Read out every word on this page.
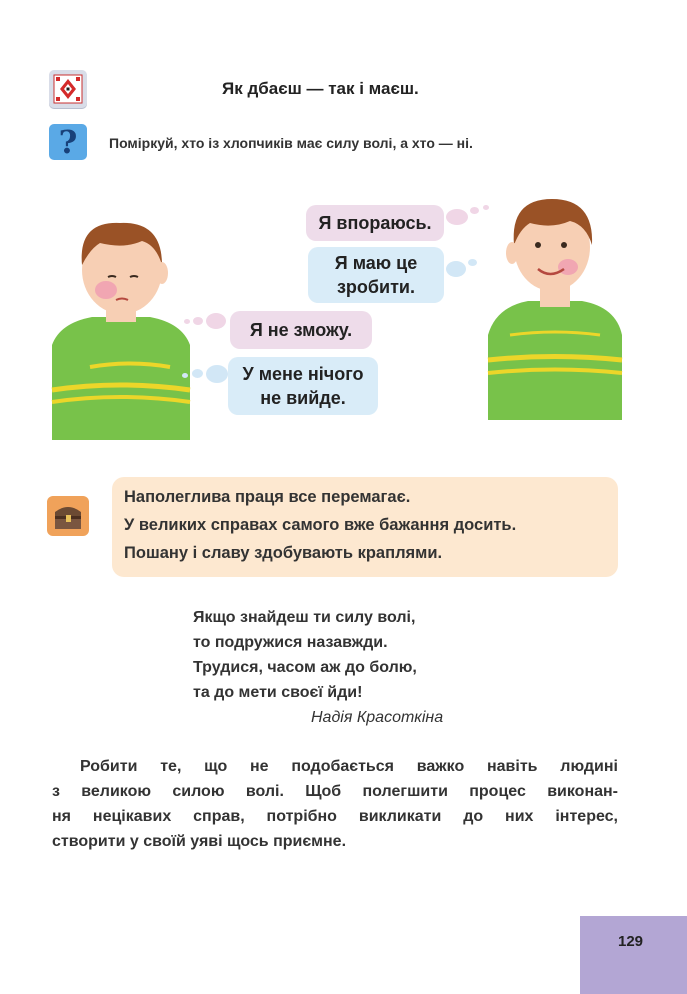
Як дбаєш — так і маєш.
?	Поміркуй, хто із хлопчиків має силу волі, а хто — ні.
Я впораюсь.
Я маю це
зробити.
Я не зможу.
У мене нічого
не вийде.
Наполеглива праця все перемагає.
У великих справах самого вже бажання досить.
Пошану і славу здобувають краплями.
Якщо знайдеш ти силу волі,
то подружися назавжди.
Трудися, часом аж до болю,
та до мети своєї йди!
Надія Красоткіна
Робити те, що не подобається важко навіть людині
з великою силою волі. Щоб полегшити процес виконан-
ня нецікавих справ, потрібно викликати до них інтерес,
створити у своїй уяві щось приємне.
129
